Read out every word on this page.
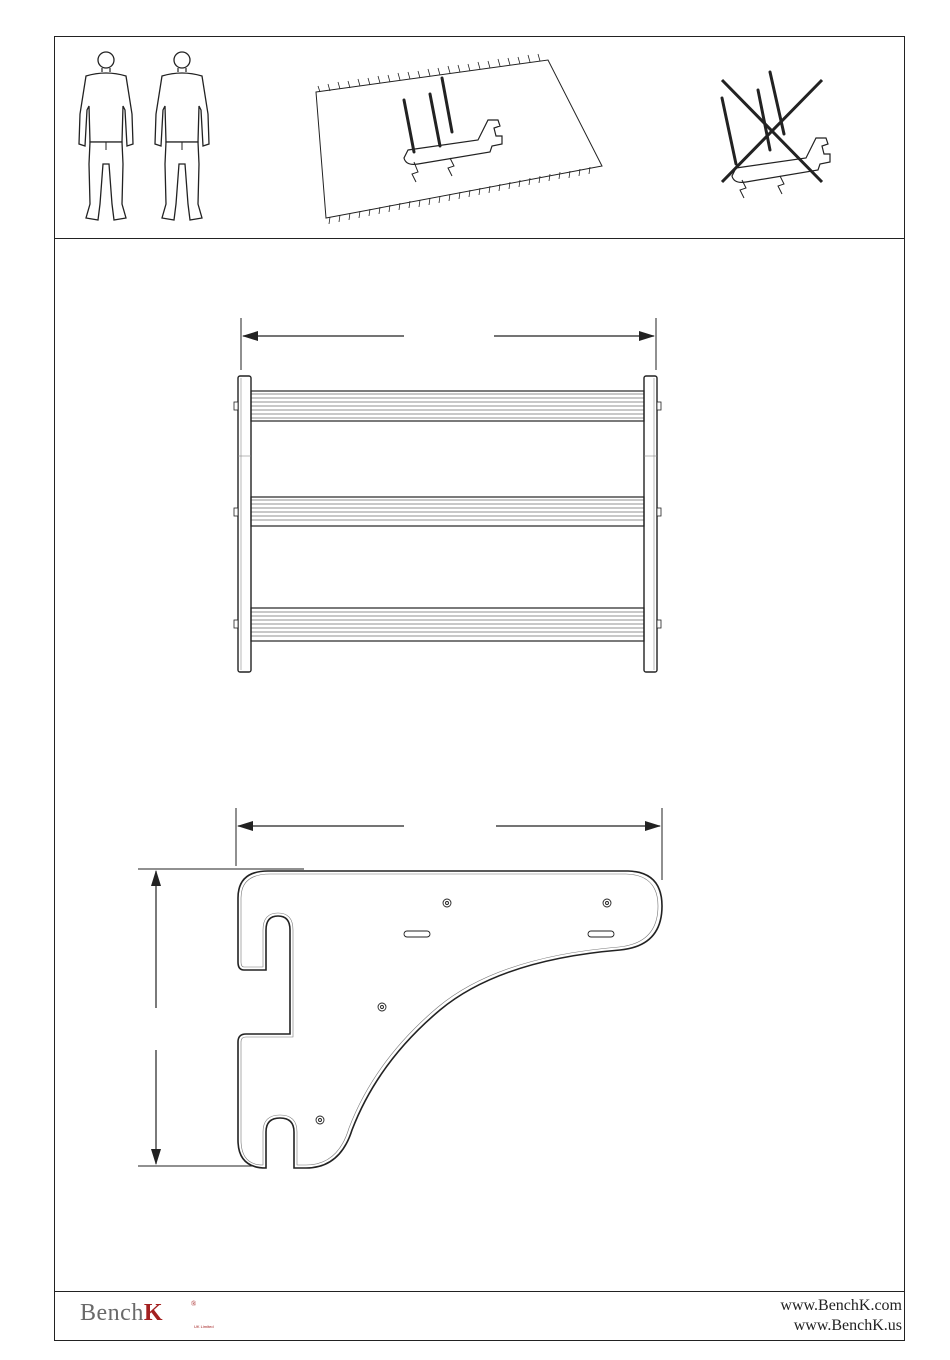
BenchK	®
UK Limited
www.BenchK.com
www.BenchK.us
